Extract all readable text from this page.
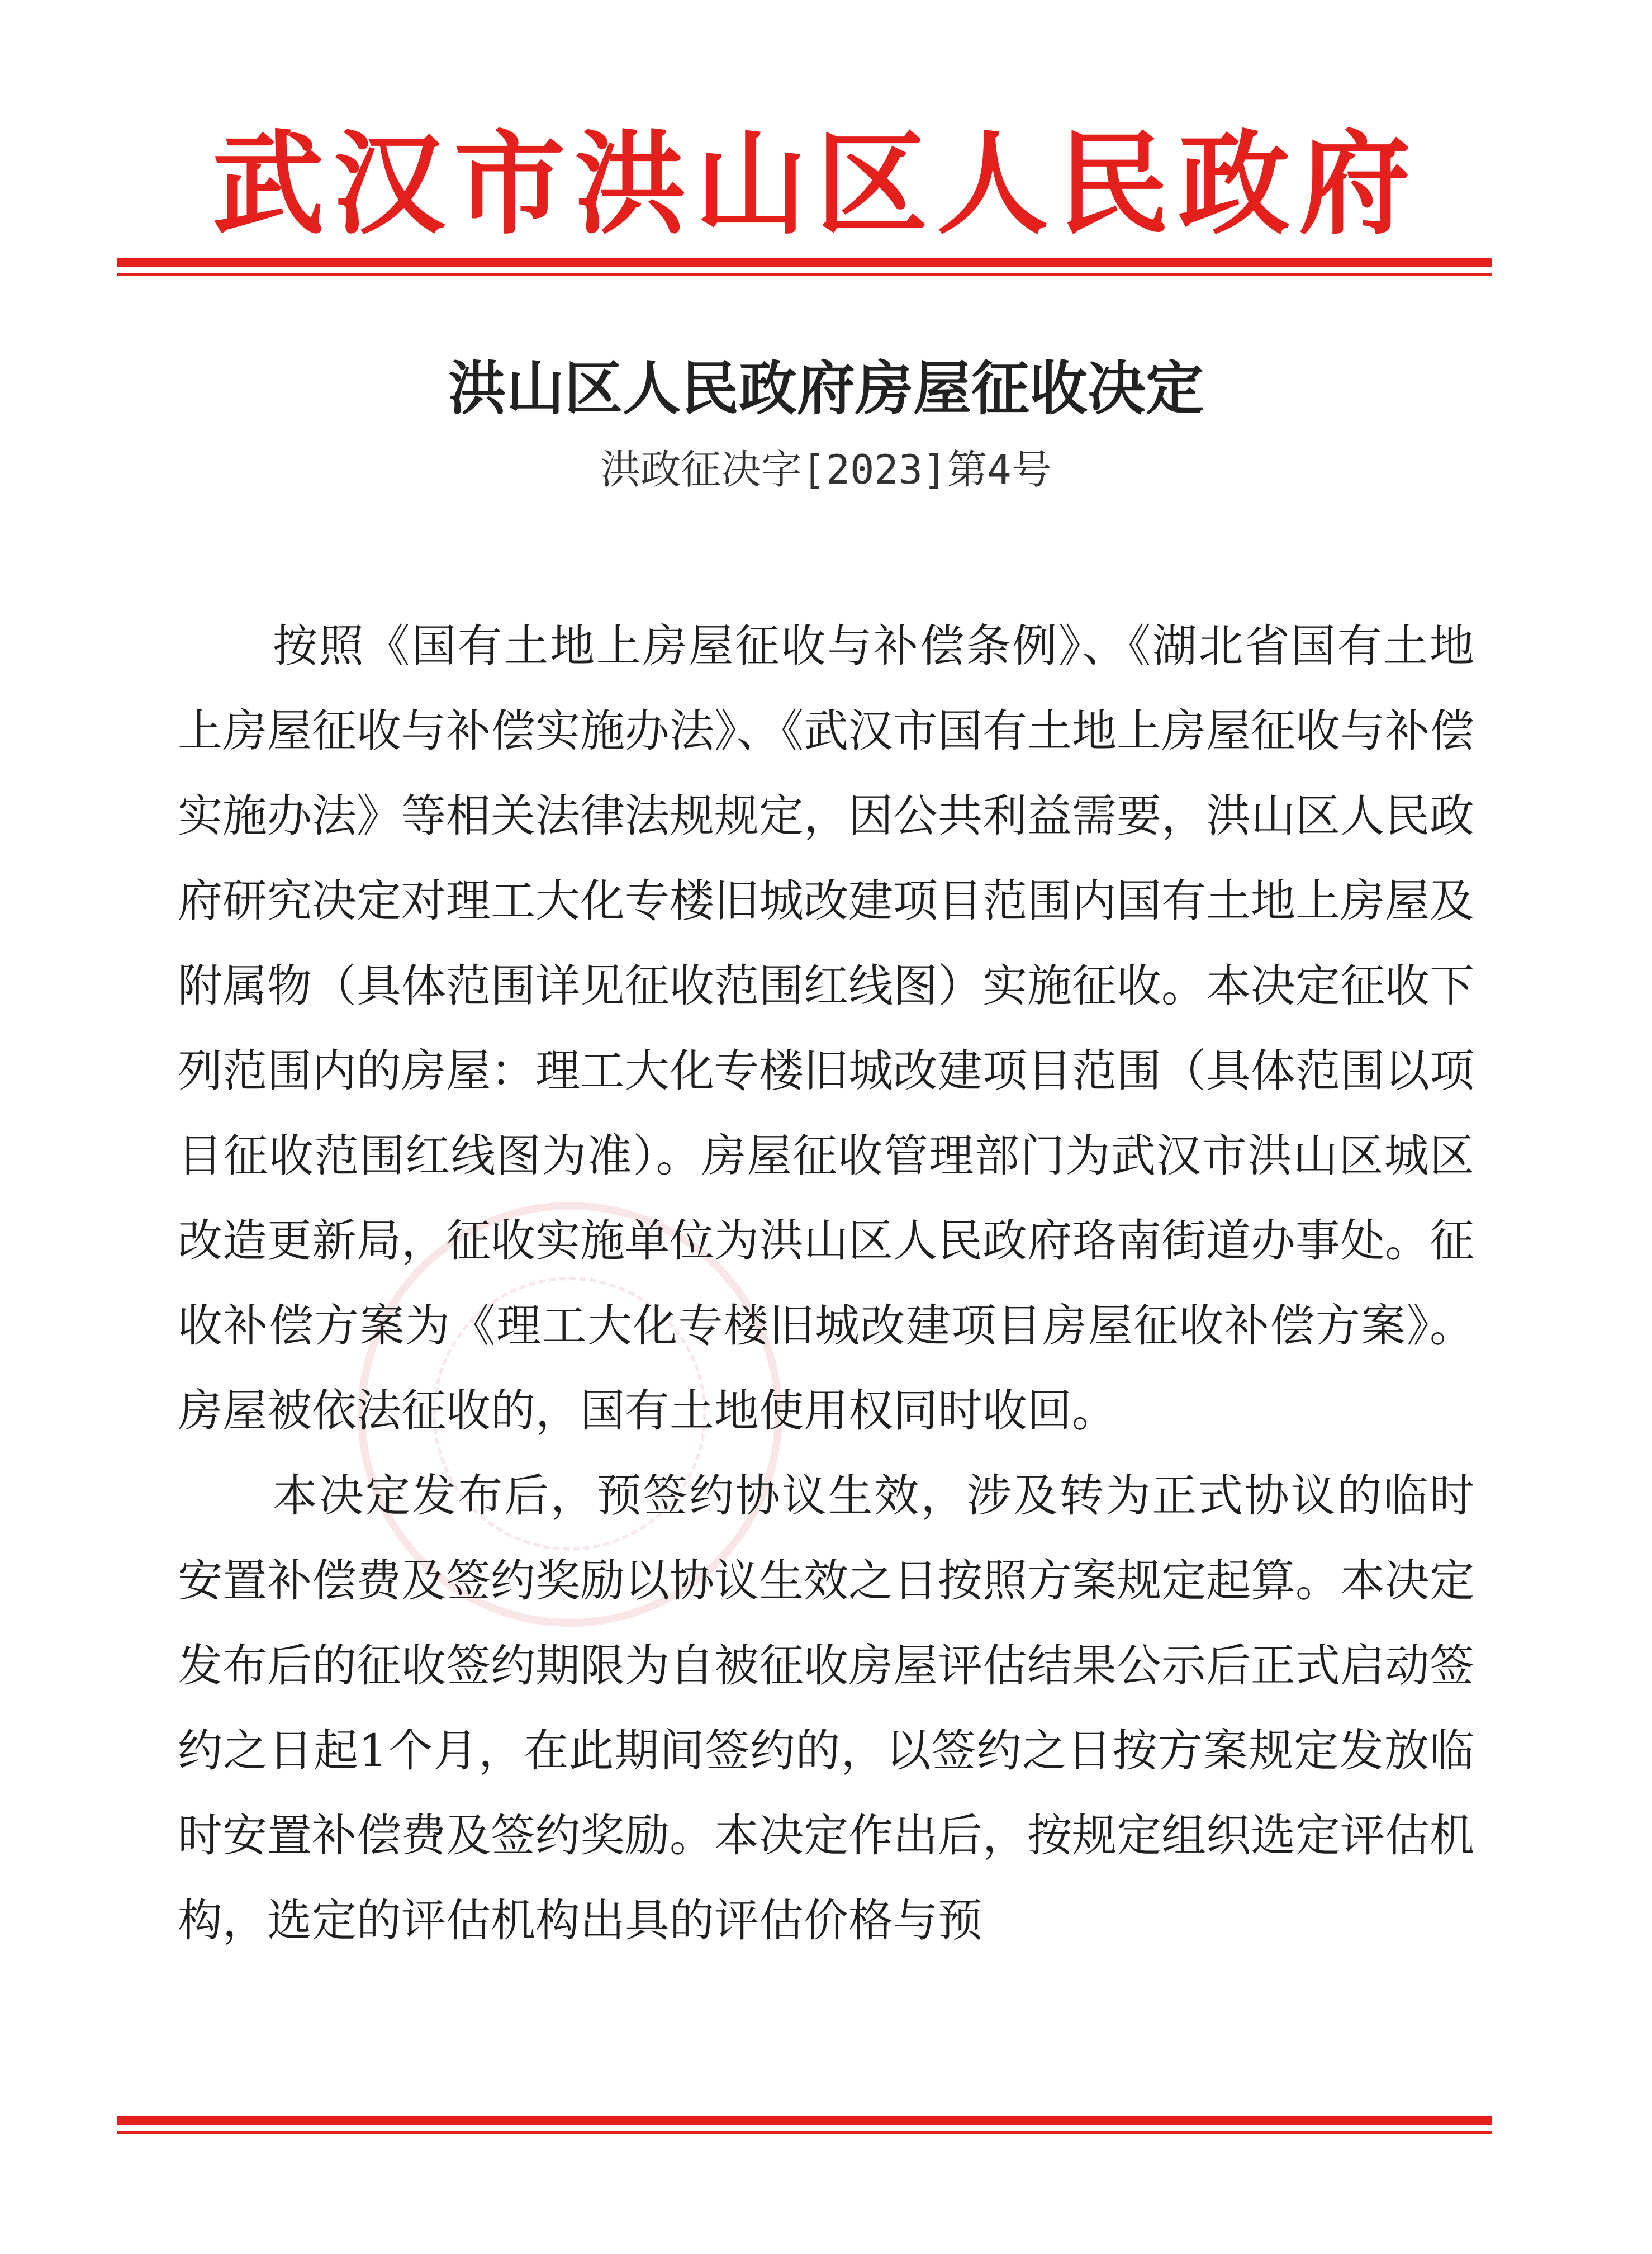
武汉市洪山区人民政府
洪山区人民政府房屋征收决定
洪政征决字[2023]第4号

按照《国有土地上房屋征收与补偿条例》、《湖北省国有土地上房屋征收与补偿实施办法》、《武汉市国有土地上房屋征收与补偿实施办法》等相关法律法规规定，因公共利益需要，洪山区人民政府研究决定对理工大化专楼旧城改建项目范围内国有土地上房屋及附属物（具体范围详见征收范围红线图）实施征收。本决定征收下列范围内的房屋：理工大化专楼旧城改建项目范围（具体范围以项目征收范围红线图为准）。房屋征收管理部门为武汉市洪山区城区改造更新局，征收实施单位为洪山区人民政府珞南街道办事处。征收补偿方案为《理工大化专楼旧城改建项目房屋征收补偿方案》。房屋被依法征收的，国有土地使用权同时收回。

本决定发布后，预签约协议生效，涉及转为正式协议的临时安置补偿费及签约奖励以协议生效之日按照方案规定起算。本决定发布后的征收签约期限为自被征收房屋评估结果公示后正式启动签约之日起1个月，在此期间签约的，以签约之日按方案规定发放临时安置补偿费及签约奖励。本决定作出后，按规定组织选定评估机构，选定的评估机构出具的评估价格与预
